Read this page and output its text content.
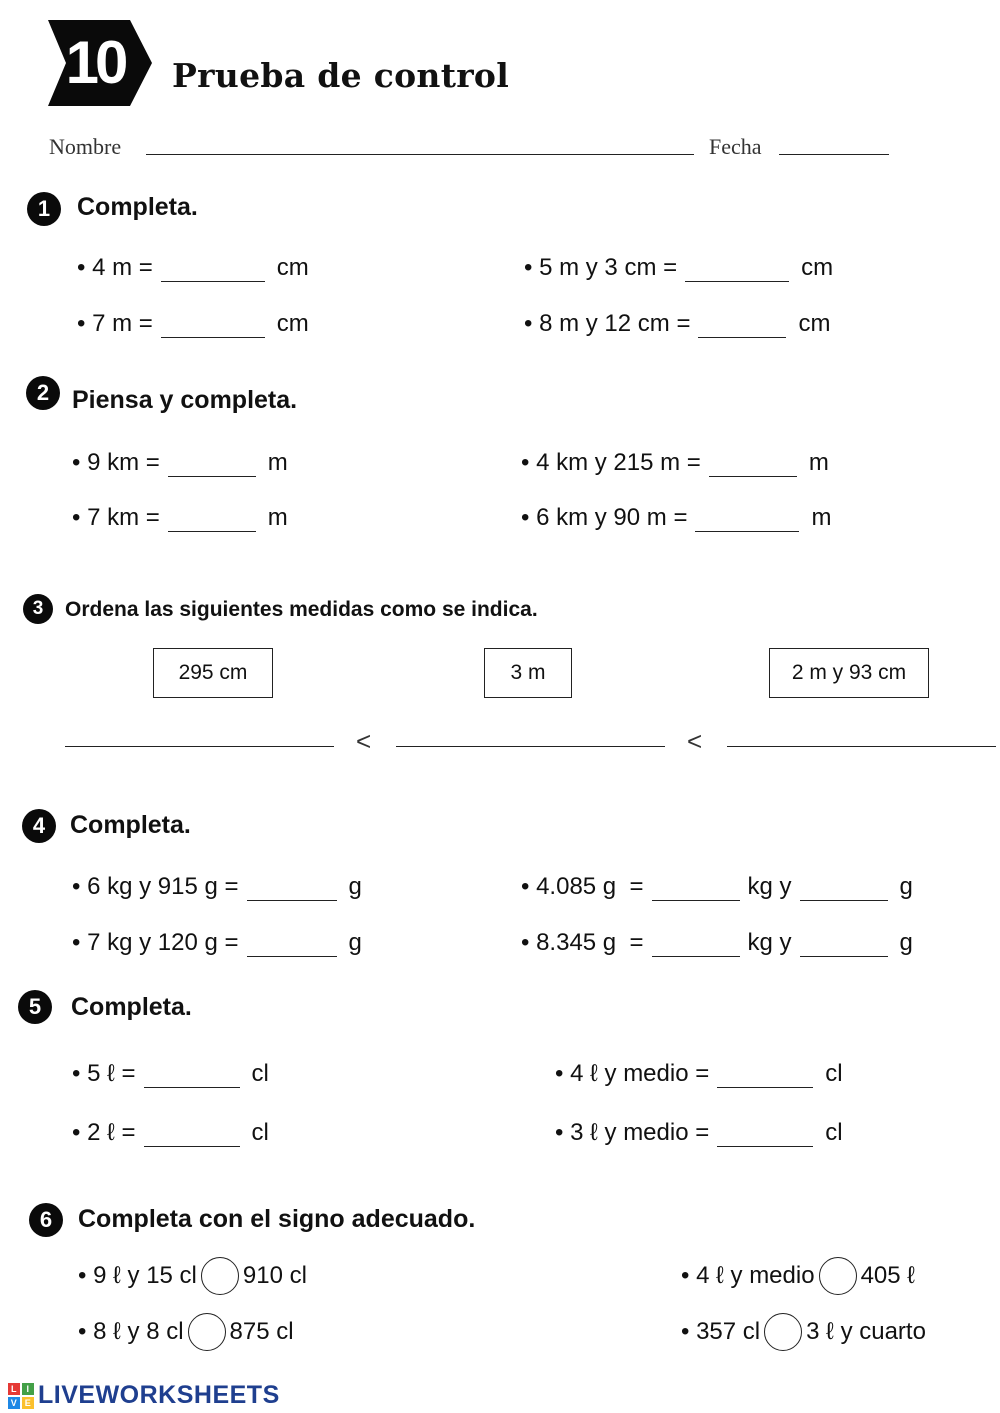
10	Prueba de control
Nombre	Fecha
1	Completa.
•
4 m =	cm	•
5 m y 3 cm =	cm
•
7 m =	cm	•
8 m y 12 cm =	cm
2 Piensa y completa.
•
9 km =	m	•
4 km y 215 m =	m
•
7 km =	m	•
6 km y 90 m =	m
3	Ordena las siguientes medidas como se indica.
295 cm	3 m	2 m y 93 cm
<	<
4 Completa.
•
6 kg y 915 g =	g	•
4.085 g  =	kg y	g
•
7 kg y 120 g =	g	•
8.345 g  =	kg y	g
5	Completa.
•
5 ℓ =	cl	•
4 ℓ y medio =	cl
•
2 ℓ =	cl	•
3 ℓ y medio =	cl
6	Completa con el signo adecuado.
•
9 ℓ y 15 cl 910 cl	•
4 ℓ y medio 405 ℓ
•
8 ℓ y 8 cl 875 cl	•
357 cl 3 ℓ y cuarto
L	I
V E LIVEWORKSHEETS
